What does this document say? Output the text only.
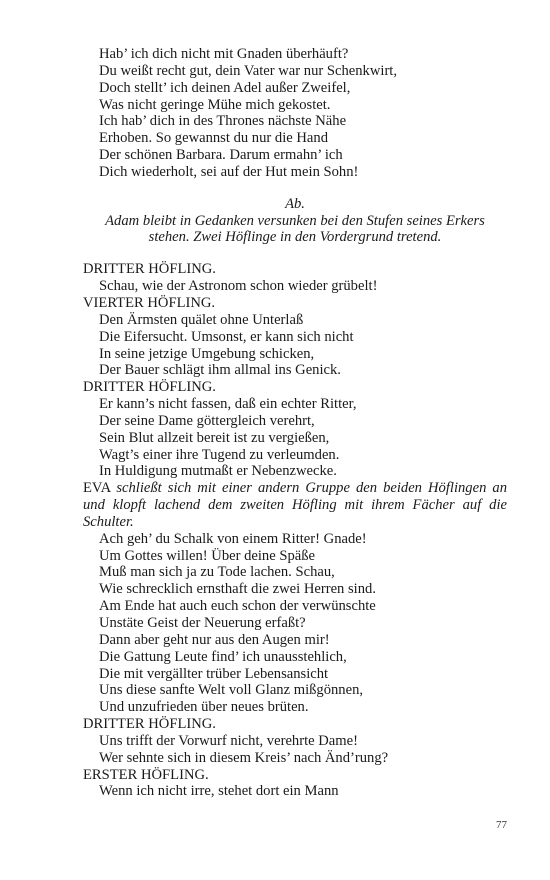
Hab’ ich dich nicht mit Gnaden überhäuft?
Du weißt recht gut, dein Vater war nur Schenkwirt,
Doch stellt’ ich deinen Adel außer Zweifel,
Was nicht geringe Mühe mich gekostet.
Ich hab’ dich in des Thrones nächste Nähe
Erhoben. So gewannst du nur die Hand
Der schönen Barbara. Darum ermahn’ ich
Dich wiederholt, sei auf der Hut mein Sohn!
Ab.
Adam bleibt in Gedanken versunken bei den Stufen seines Erkers
stehen. Zwei Höflinge in den Vordergrund tretend.
DRITTER HÖFLING.
Schau, wie der Astronom schon wieder grübelt!
VIERTER HÖFLING.
Den Ärmsten quälet ohne Unterlaß
Die Eifersucht. Umsonst, er kann sich nicht
In seine jetzige Umgebung schicken,
Der Bauer schlägt ihm allmal ins Genick.
DRITTER HÖFLING.
Er kann’s nicht fassen, daß ein echter Ritter,
Der seine Dame göttergleich verehrt,
Sein Blut allzeit bereit ist zu vergießen,
Wagt’s einer ihre Tugend zu verleumden.
In Huldigung mutmaßt er Nebenzwecke.
EVA schließt sich mit einer andern Gruppe den beiden Höflingen an
und klopft lachend dem zweiten Höfling mit ihrem Fächer auf die
Schulter.
Ach geh’ du Schalk von einem Ritter! Gnade!
Um Gottes willen! Über deine Späße
Muß man sich ja zu Tode lachen. Schau,
Wie schrecklich ernsthaft die zwei Herren sind.
Am Ende hat auch euch schon der verwünschte
Unstäte Geist der Neuerung erfaßt?
Dann aber geht nur aus den Augen mir!
Die Gattung Leute find’ ich unausstehlich,
Die mit vergällter trüber Lebensansicht
Uns diese sanfte Welt voll Glanz mißgönnen,
Und unzufrieden über neues brüten.
DRITTER HÖFLING.
Uns trifft der Vorwurf nicht, verehrte Dame!
Wer sehnte sich in diesem Kreis’ nach Änd’rung?
ERSTER HÖFLING.
Wenn ich nicht irre, stehet dort ein Mann
77
